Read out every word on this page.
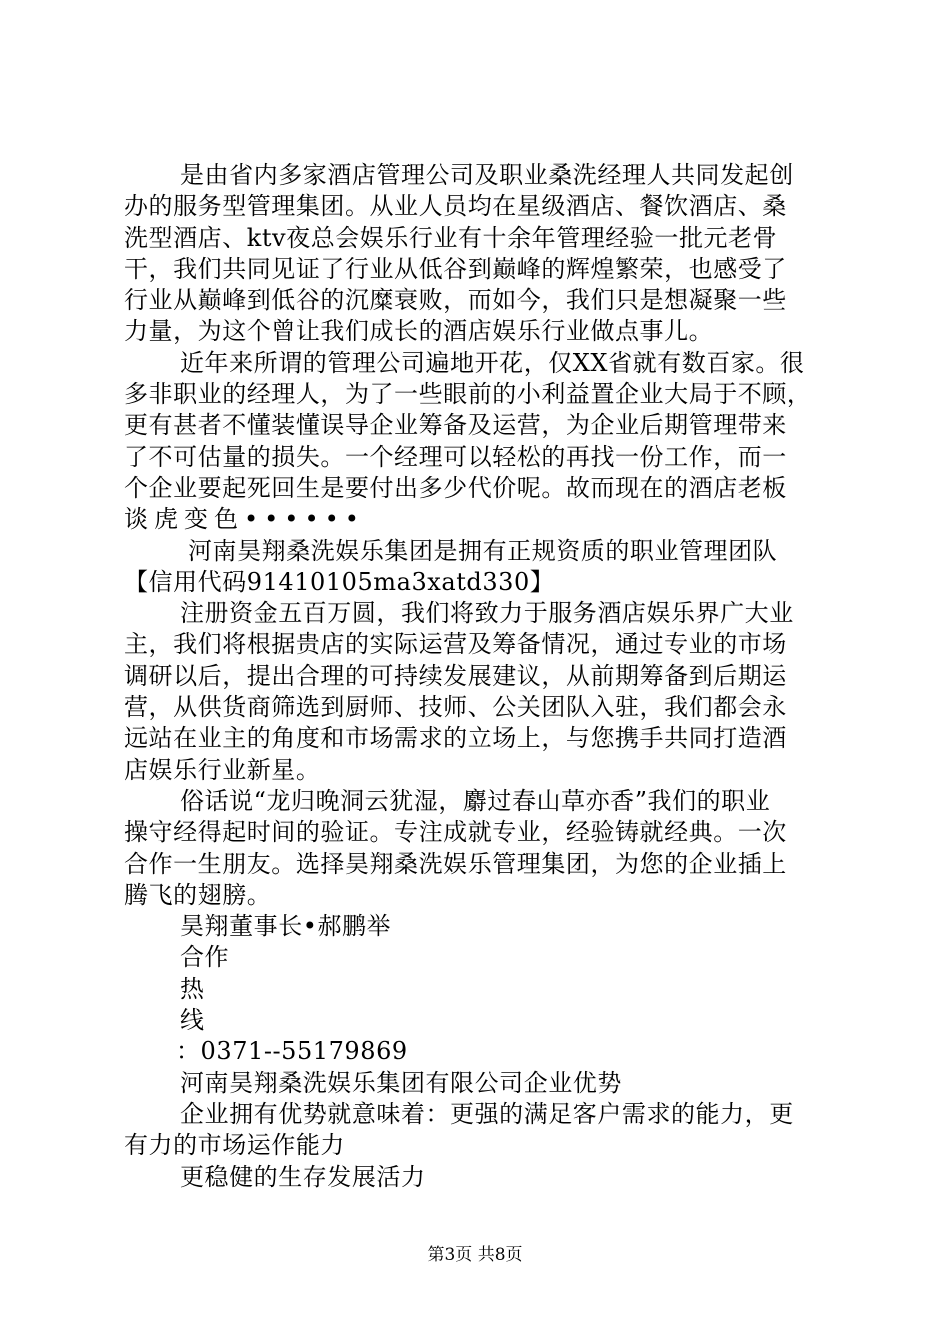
是由省内多家酒店管理公司及职业桑洗经理人共同发起创
办的服务型管理集团。从业人员均在星级酒店、餐饮酒店、桑
洗型酒店、ktv夜总会娱乐行业有十余年管理经验一批元老骨
干，我们共同见证了行业从低谷到巅峰的辉煌繁荣，也感受了
行业从巅峰到低谷的沉糜衰败，而如今，我们只是想凝聚一些
力量，为这个曾让我们成长的酒店娱乐行业做点事儿。
近年来所谓的管理公司遍地开花，仅XX省就有数百家。很
多非职业的经理人，为了一些眼前的小利益置企业大局于不顾，
更有甚者不懂装懂误导企业筹备及运营，为企业后期管理带来
了不可估量的损失。一个经理可以轻松的再找一份工作，而一
个企业要起死回生是要付出多少代价呢。故而现在的酒店老板
谈虎变色••••••
河南昊翔桑洗娱乐集团是拥有正规资质的职业管理团队
【信用代码91410105ma3xatd330】
注册资金五百万圆，我们将致力于服务酒店娱乐界广大业
主，我们将根据贵店的实际运营及筹备情况，通过专业的市场
调研以后，提出合理的可持续发展建议，从前期筹备到后期运
营，从供货商筛选到厨师、技师、公关团队入驻，我们都会永
远站在业主的角度和市场需求的立场上，与您携手共同打造酒
店娱乐行业新星。
俗话说“龙归晚洞云犹湿，麝过春山草亦香”我们的职业
操守经得起时间的验证。专注成就专业，经验铸就经典。一次
合作一生朋友。选择昊翔桑洗娱乐管理集团，为您的企业插上
腾飞的翅膀。
昊翔董事长•郝鹏举
合作
热
线
：0371--55179869
河南昊翔桑洗娱乐集团有限公司企业优势
企业拥有优势就意味着：更强的满足客户需求的能力，更
有力的市场运作能力
更稳健的生存发展活力
第3页 共8页
